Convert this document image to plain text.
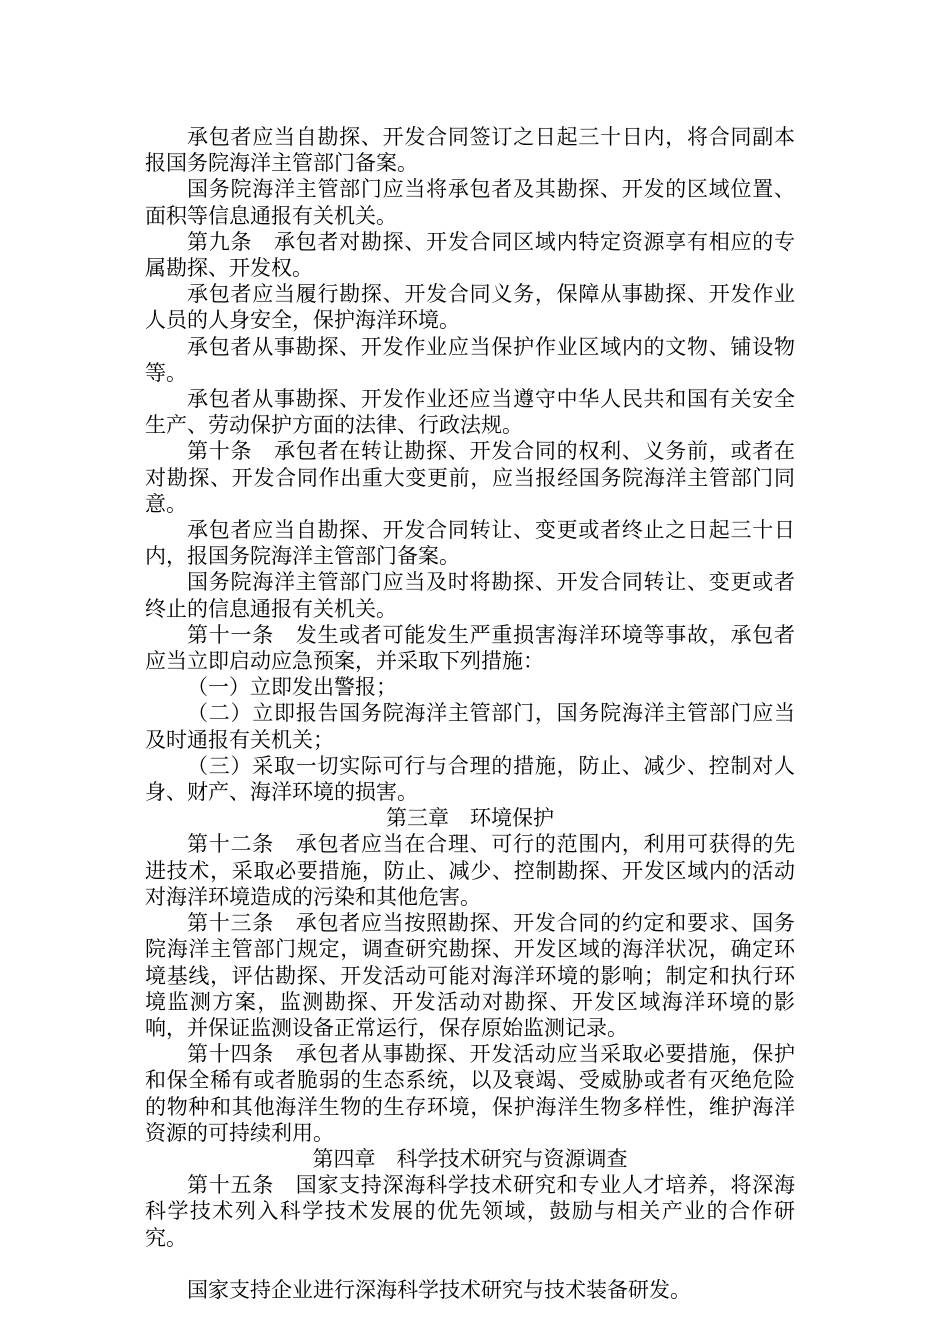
承包者应当自勘探、开发合同签订之日起三十日内，将合同副本报国务院海洋主管部门备案。

国务院海洋主管部门应当将承包者及其勘探、开发的区域位置、面积等信息通报有关机关。

第九条　承包者对勘探、开发合同区域内特定资源享有相应的专属勘探、开发权。

承包者应当履行勘探、开发合同义务，保障从事勘探、开发作业人员的人身安全，保护海洋环境。

承包者从事勘探、开发作业应当保护作业区域内的文物、铺设物等。

承包者从事勘探、开发作业还应当遵守中华人民共和国有关安全生产、劳动保护方面的法律、行政法规。

第十条　承包者在转让勘探、开发合同的权利、义务前，或者在对勘探、开发合同作出重大变更前，应当报经国务院海洋主管部门同意。

承包者应当自勘探、开发合同转让、变更或者终止之日起三十日内，报国务院海洋主管部门备案。

国务院海洋主管部门应当及时将勘探、开发合同转让、变更或者终止的信息通报有关机关。

第十一条　发生或者可能发生严重损害海洋环境等事故，承包者应当立即启动应急预案，并采取下列措施：

（一）立即发出警报；

（二）立即报告国务院海洋主管部门，国务院海洋主管部门应当及时通报有关机关；

（三）采取一切实际可行与合理的措施，防止、减少、控制对人身、财产、海洋环境的损害。

第三章　环境保护

第十二条　承包者应当在合理、可行的范围内，利用可获得的先进技术，采取必要措施，防止、减少、控制勘探、开发区域内的活动对海洋环境造成的污染和其他危害。

第十三条　承包者应当按照勘探、开发合同的约定和要求、国务院海洋主管部门规定，调查研究勘探、开发区域的海洋状况，确定环境基线，评估勘探、开发活动可能对海洋环境的影响；制定和执行环境监测方案，监测勘探、开发活动对勘探、开发区域海洋环境的影响，并保证监测设备正常运行，保存原始监测记录。

第十四条　承包者从事勘探、开发活动应当采取必要措施，保护和保全稀有或者脆弱的生态系统，以及衰竭、受威胁或者有灭绝危险的物种和其他海洋生物的生存环境，保护海洋生物多样性，维护海洋资源的可持续利用。

第四章　科学技术研究与资源调查

第十五条　国家支持深海科学技术研究和专业人才培养，将深海科学技术列入科学技术发展的优先领域，鼓励与相关产业的合作研究。

国家支持企业进行深海科学技术研究与技术装备研发。
